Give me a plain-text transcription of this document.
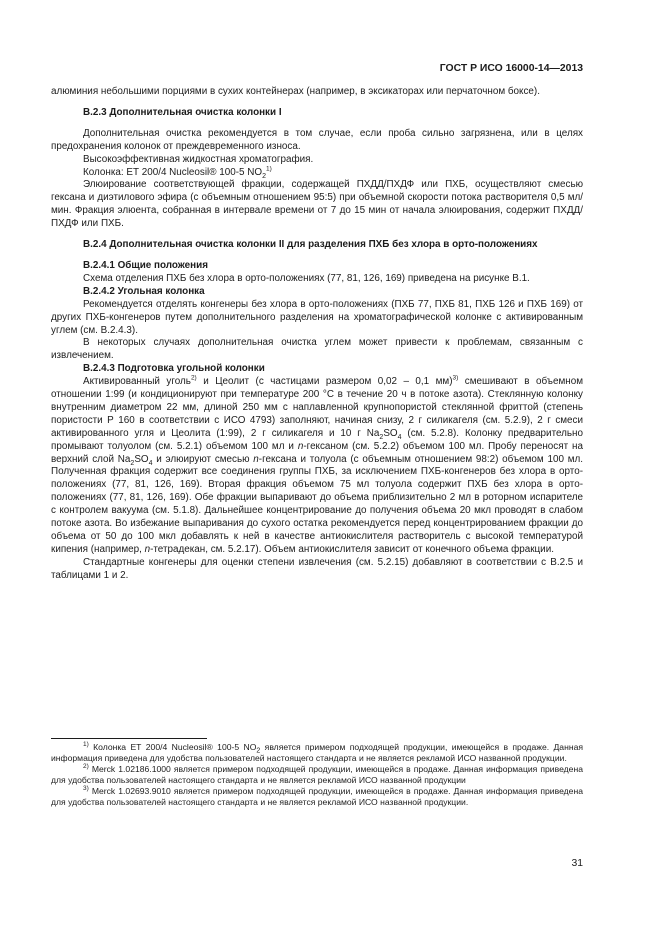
ГОСТ Р ИСО 16000-14—2013

алюминия небольшими порциями в сухих контейнерах (например, в эксикаторах или перчаточном боксе).

В.2.3 Дополнительная очистка колонки I

Дополнительная очистка рекомендуется в том случае, если проба сильно загрязнена, или в целях предохранения колонок от преждевременного износа.

Высокоэффективная жидкостная хроматография.

Колонка: ЕТ 200/4 Nucleosil® 100-5 $NO_2^{1)}$

Элюирование соответствующей фракции, содержащей ПХДД/ПХДФ или ПХБ, осуществляют смесью гексана и диэтилового эфира (с объемным отношением 95:5) при объемной скорости потока растворителя 0,5 мл/мин. Фракция элюента, собранная в интервале времени от 7 до 15 мин от начала элюирования, содержит ПХДД/ПХДФ или ПХБ.

В.2.4 Дополнительная очистка колонки II для разделения ПХБ без хлора в орто-положениях

В.2.4.1 Общие положения

Схема отделения ПХБ без хлора в орто-положениях (77, 81, 126, 169) приведена на рисунке В.1.

В.2.4.2 Угольная колонка

Рекомендуется отделять конгенеры без хлора в орто-положениях (ПХБ 77, ПХБ 81, ПХБ 126 и ПХБ 169) от других ПХБ-конгенеров путем дополнительного разделения на хроматографической колонке с активированным углем (см. В.2.4.3).

В некоторых случаях дополнительная очистка углем может привести к проблемам, связанным с извлечением.

В.2.4.3 Подготовка угольной колонки

Активированный уголь$^{2)}$ и Цеолит (с частицами размером 0,02 – 0,1 мм)$^{3)}$ смешивают в объемном отношении 1:99 (и кондиционируют при температуре 200 °С в течение 20 ч в потоке азота). Стеклянную колонку внутренним диаметром 22 мм, длиной 250 мм с наплавленной крупнопористой стеклянной фриттой (степень пористости Р 160 в соответствии с ИСО 4793) заполняют, начиная снизу, 2 г силикагеля (см. 5.2.9), 2 г смеси активированного угля и Цеолита (1:99), 2 г силикагеля и 10 г $Na_2SO_4$ (см. 5.2.8). Колонку предварительно промывают толуолом (см. 5.2.1) объемом 100 мл и n-гексаном (см. 5.2.2) объемом 100 мл. Пробу переносят на верхний слой $Na_2SO_4$ и элюируют смесью n-гексана и толуола (с объемным отношением 98:2) объемом 100 мл. Полученная фракция содержит все соединения группы ПХБ, за исключением ПХБ-конгенеров без хлора в орто-положениях (77, 81, 126, 169). Вторая фракция объемом 75 мл толуола содержит ПХБ без хлора в орто-положениях (77, 81, 126, 169). Обе фракции выпаривают до объема приблизительно 2 мл в роторном испарителе с контролем вакуума (см. 5.1.8). Дальнейшее концентрирование до получения объема 20 мкл проводят в слабом потоке азота. Во избежание выпаривания до сухого остатка рекомендуется перед концентрированием фракции до объема от 50 до 100 мкл добавлять к ней в качестве антиокислителя растворитель с высокой температурой кипения (например, n-тетрадекан, см. 5.2.17). Объем антиокислителя зависит от конечного объема фракции.

Стандартные конгенеры для оценки степени извлечения (см. 5.2.15) добавляют в соответствии с В.2.5 и таблицами 1 и 2.

$^{1)}$ Колонка ЕТ 200/4 Nucleosil® 100-5 $NO_2$ является примером подходящей продукции, имеющейся в продаже. Данная информация приведена для удобства пользователей настоящего стандарта и не является рекламой ИСО названной продукции.

$^{2)}$ Merck 1.02186.1000 является примером подходящей продукции, имеющейся в продаже. Данная информация приведена для удобства пользователей настоящего стандарта и не является рекламой ИСО названной продукции

$^{3)}$ Merck 1.02693.9010 является примером подходящей продукции, имеющейся в продаже. Данная информация приведена для удобства пользователей настоящего стандарта и не является рекламой ИСО названной продукции.

31
